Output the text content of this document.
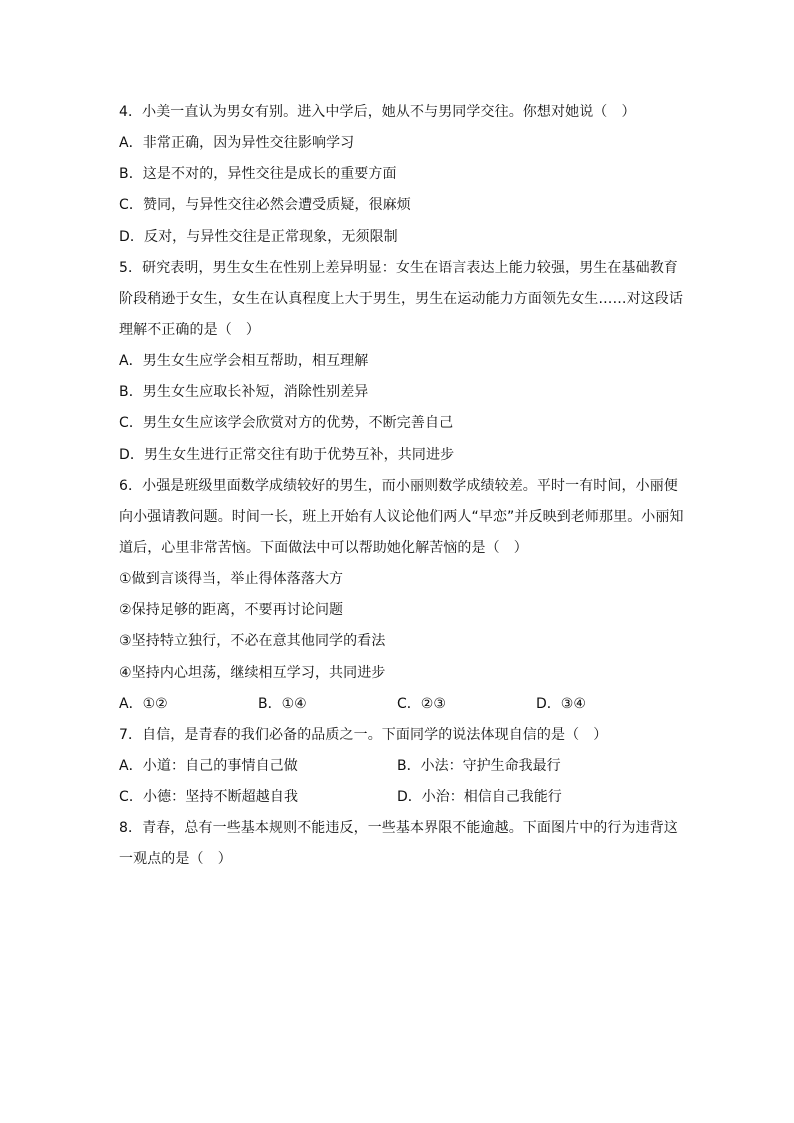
4．小美一直认为男女有别。进入中学后，她从不与男同学交往。你想对她说（　）
A．非常正确，因为异性交往影响学习
B．这是不对的，异性交往是成长的重要方面
C．赞同，与异性交往必然会遭受质疑，很麻烦
D．反对，与异性交往是正常现象，无须限制
5．研究表明，男生女生在性别上差异明显：女生在语言表达上能力较强，男生在基础教育
阶段稍逊于女生，女生在认真程度上大于男生，男生在运动能力方面领先女生……对这段话
理解不正确的是（　）
A．男生女生应学会相互帮助，相互理解
B．男生女生应取长补短，消除性别差异
C．男生女生应该学会欣赏对方的优势，不断完善自己
D．男生女生进行正常交往有助于优势互补，共同进步
6．小强是班级里面数学成绩较好的男生，而小丽则数学成绩较差。平时一有时间，小丽便
向小强请教问题。时间一长，班上开始有人议论他们两人“早恋”并反映到老师那里。小丽知
道后，心里非常苦恼。下面做法中可以帮助她化解苦恼的是（　）
①做到言谈得当，举止得体落落大方
②保持足够的距离，不要再讨论问题
③坚持特立独行，不必在意其他同学的看法
④坚持内心坦荡，继续相互学习，共同进步
A．①②	B．①④	C．②③	D．③④
7．自信，是青春的我们必备的品质之一。下面同学的说法体现自信的是（　）
A．小道：自己的事情自己做	B．小法：守护生命我最行
C．小德：坚持不断超越自我	D．小治：相信自己我能行
8．青春，总有一些基本规则不能违反，一些基本界限不能逾越。下面图片中的行为违背这
一观点的是（　）
